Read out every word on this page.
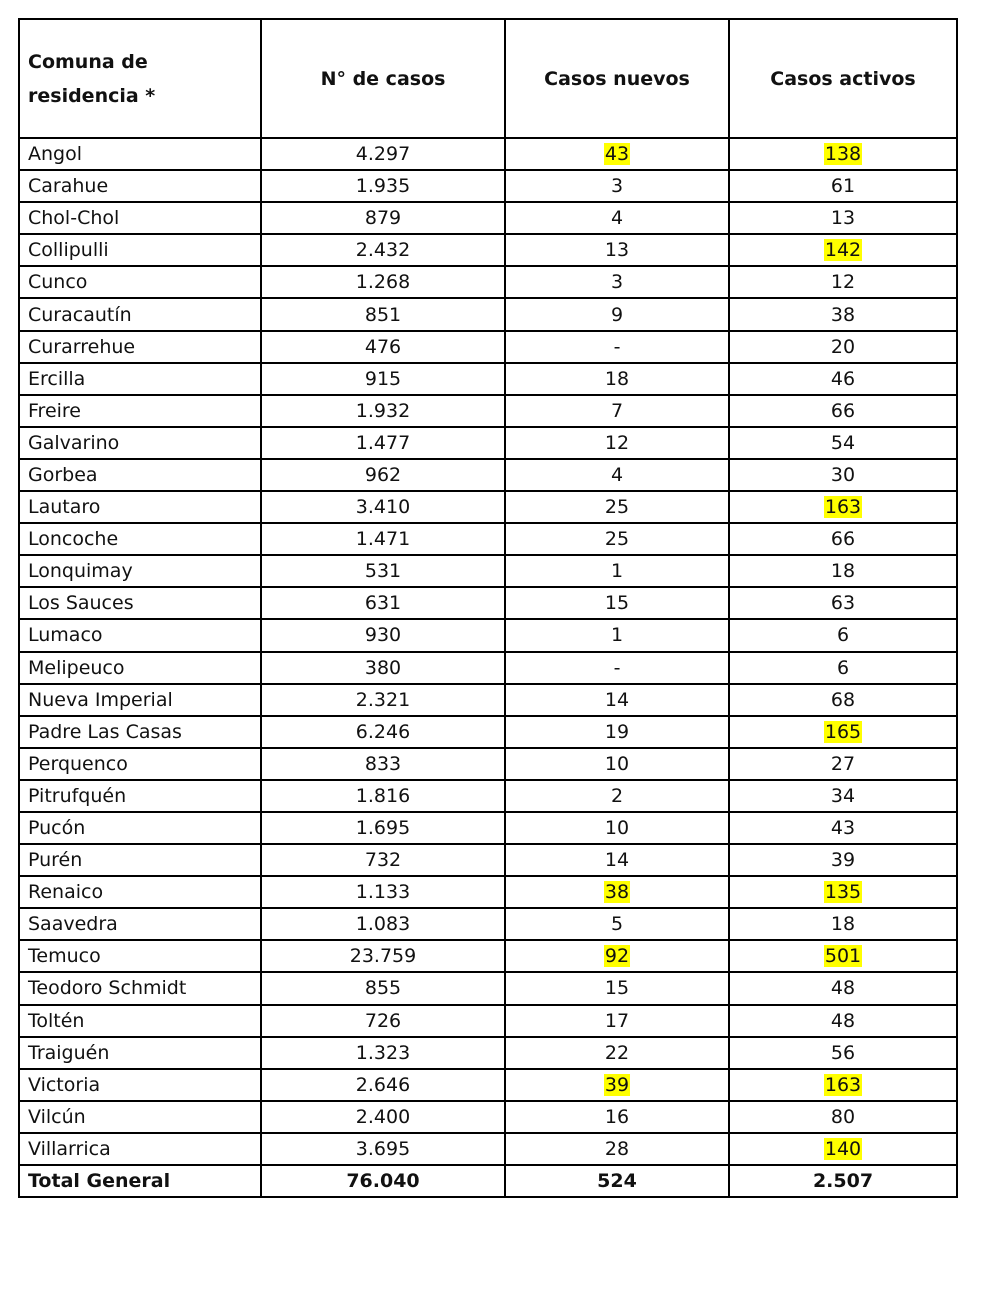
Comuna de residencia *	N° de casos	Casos nuevos	Casos activos
Angol	4.297	43	138
Carahue	1.935	3	61
Chol-Chol	879	4	13
Collipulli	2.432	13	142
Cunco	1.268	3	12
Curacautín	851	9	38
Curarrehue	476	-	20
Ercilla	915	18	46
Freire	1.932	7	66
Galvarino	1.477	12	54
Gorbea	962	4	30
Lautaro	3.410	25	163
Loncoche	1.471	25	66
Lonquimay	531	1	18
Los Sauces	631	15	63
Lumaco	930	1	6
Melipeuco	380	-	6
Nueva Imperial	2.321	14	68
Padre Las Casas	6.246	19	165
Perquenco	833	10	27
Pitrufquén	1.816	2	34
Pucón	1.695	10	43
Purén	732	14	39
Renaico	1.133	38	135
Saavedra	1.083	5	18
Temuco	23.759	92	501
Teodoro Schmidt	855	15	48
Toltén	726	17	48
Traiguén	1.323	22	56
Victoria	2.646	39	163
Vilcún	2.400	16	80
Villarrica	3.695	28	140
Total General	76.040	524	2.507
